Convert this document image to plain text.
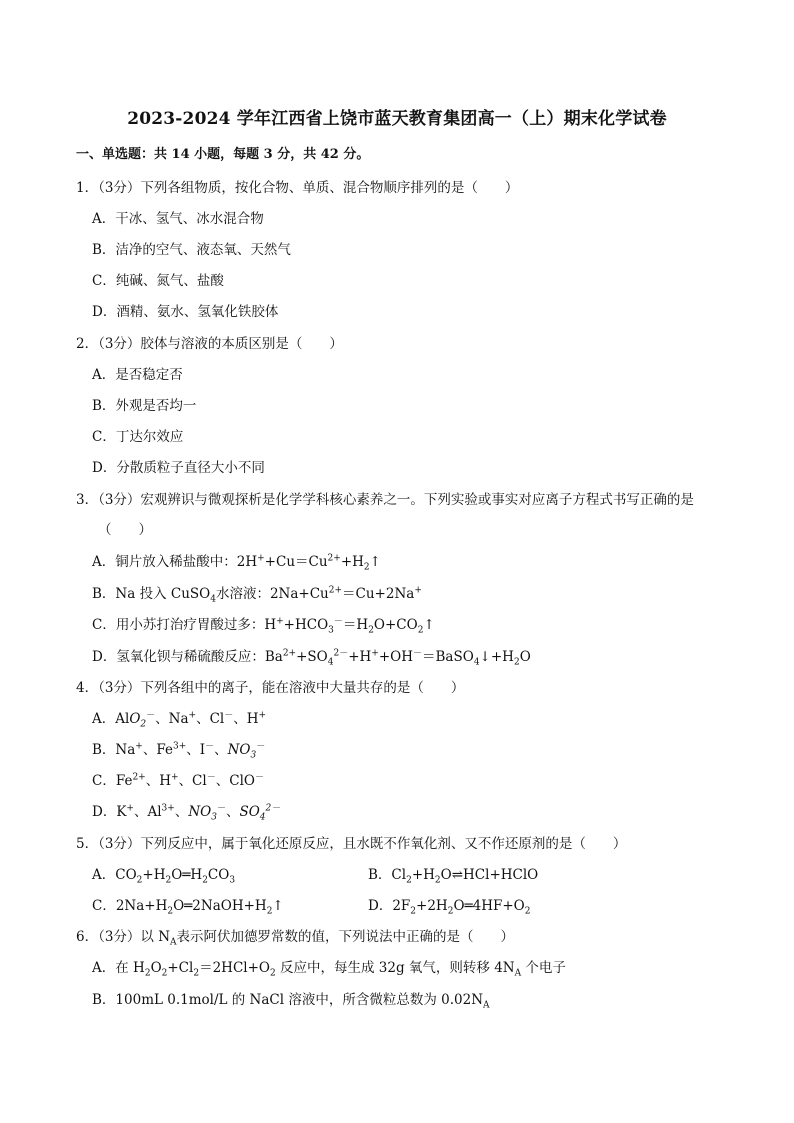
2023-2024 学年江西省上饶市蓝天教育集团高一（上）期末化学试卷
一、单选题：共 14 小题，每题 3 分，共 42 分。
1．（3分）下列各组物质，按化合物、单质、混合物顺序排列的是（　　）
A．干冰、氢气、冰水混合物
B．洁净的空气、液态氧、天然气
C．纯碱、氮气、盐酸
D．酒精、氨水、氢氧化铁胶体
2．（3分）胶体与溶液的本质区别是（　　）
A．是否稳定否
B．外观是否均一
C．丁达尔效应
D．分散质粒子直径大小不同
3．（3分）宏观辨识与微观探析是化学学科核心素养之一。下列实验或事实对应离子方程式书写正确的是
（　　）
A．铜片放入稀盐酸中：$2H^++Cu=Cu^{2+}+H_2↑$
B．Na 投入 CuSO$_4$水溶液：$2Na+Cu^{2+}=Cu+2Na^+$
C．用小苏打治疗胃酸过多：$H^++HCO_3^-=H_2O+CO_2↑$
D．氢氧化钡与稀硫酸反应：$Ba^{2+}+SO_4^{2-}+H^++OH^-=BaSO_4↓+H_2O$
4．（3分）下列各组中的离子，能在溶液中大量共存的是（　　）
A．AlO$_2$－、Na+、Cl－、H+
B．Na+、$Fe^{3+}$、I－、$NO_3^-$
C．$Fe^{2+}$、H+、Cl－、ClO－
D．K+、$Al^{3+}$、$NO_3^-$、$SO_4^{2-}$
5．（3分）下列反应中，属于氧化还原反应，且水既不作氧化剂、又不作还原剂的是（　　）
A．$CO_2+H_2O═H_2CO_3$	B．$Cl_2+H_2O\rightleftharpoons HCl+HClO$
C．$2Na+H_2O═2NaOH+H_2↑$	D．$2F_2+2H_2O═4HF+O_2$
6．（3分）以 $N_A$表示阿伏加德罗常数的值，下列说法中正确的是（　　）
A．在 $H_2O_2+Cl_2=2HCl+O_2$ 反应中，每生成 32g 氧气，则转移 $4N_A$ 个电子
B．100mL 0.1mol/L 的 NaCl 溶液中，所含微粒总数为 $0.02N_A$
